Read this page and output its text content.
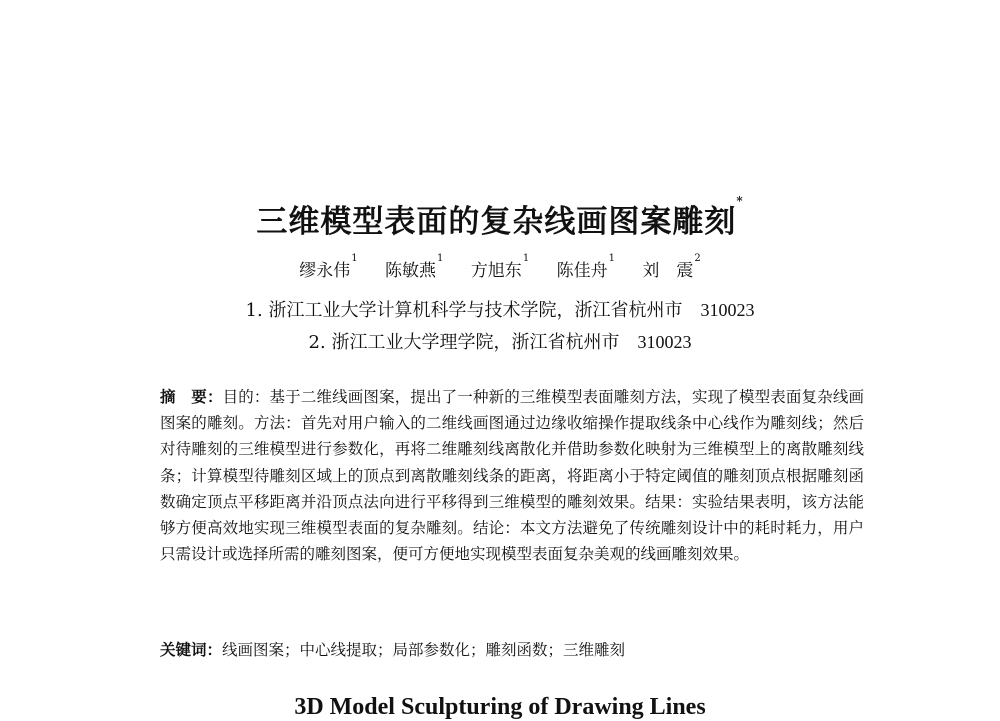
三维模型表面的复杂线画图案雕刻*
缪永伟$^1$ 陈敏燕$^1$ 方旭东$^1$ 陈佳舟$^1$ 刘　震$^2$
1. 浙江工业大学计算机科学与技术学院，浙江省杭州市 310023
2. 浙江工业大学理学院，浙江省杭州市 310023
摘　要：目的：基于二维线画图案，提出了一种新的三维模型表面雕刻方法，实现了模型表面复杂线画图案的雕刻。方法：首先对用户输入的二维线画图通过边缘收缩操作提取线条中心线作为雕刻线；然后对待雕刻的三维模型进行参数化，再将二维雕刻线离散化并借助参数化映射为三维模型上的离散雕刻线条；计算模型待雕刻区域上的顶点到离散雕刻线条的距离，将距离小于特定阈值的雕刻顶点根据雕刻函数确定顶点平移距离并沿顶点法向进行平移得到三维模型的雕刻效果。结果：实验结果表明，该方法能够方便高效地实现三维模型表面的复杂雕刻。结论：本文方法避免了传统雕刻设计中的耗时耗力，用户只需设计或选择所需的雕刻图案，便可方便地实现模型表面复杂美观的线画雕刻效果。
关键词：线画图案；中心线提取；局部参数化；雕刻函数；三维雕刻
3D Model Sculpturing of Drawing Lines
